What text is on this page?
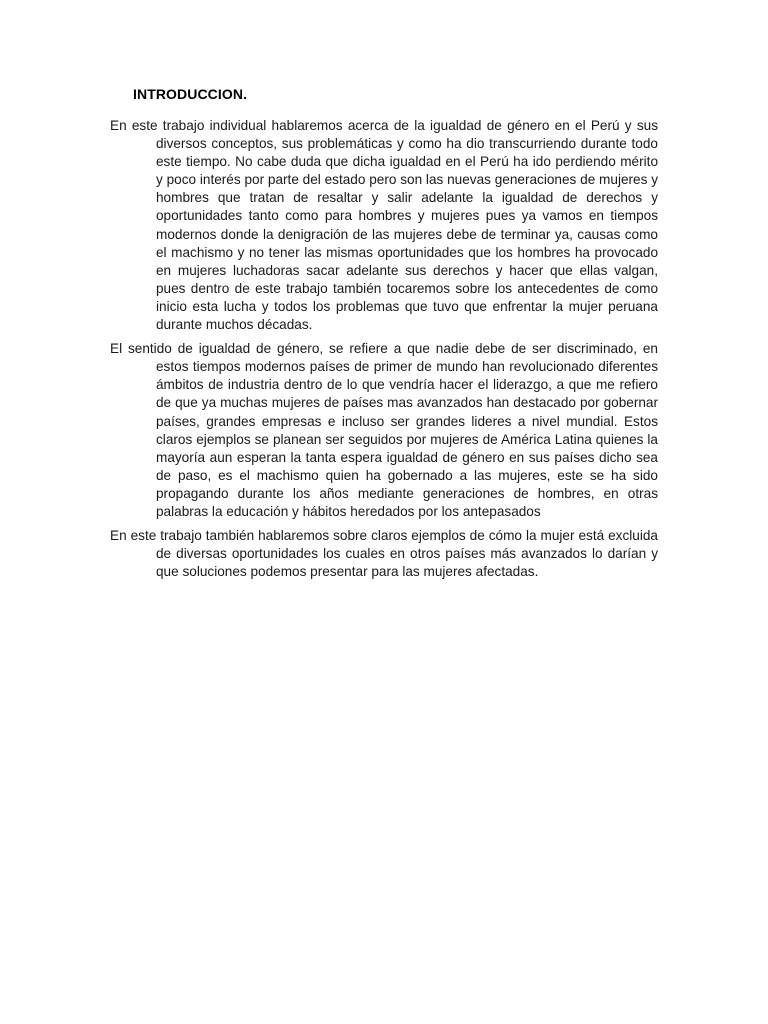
INTRODUCCION.

En este trabajo individual hablaremos acerca de la igualdad de género en el Perú y sus diversos conceptos, sus problemáticas y como ha dio transcurriendo durante todo este tiempo. No cabe duda que dicha igualdad en el Perú ha ido perdiendo mérito y poco interés por parte del estado pero son las nuevas generaciones de mujeres y hombres que tratan de resaltar y salir adelante la igualdad de derechos y oportunidades tanto como para hombres y mujeres pues ya vamos en tiempos modernos donde la denigración de las mujeres debe de terminar ya, causas como el machismo y no tener las mismas oportunidades que los hombres ha provocado en mujeres luchadoras sacar adelante sus derechos y hacer que ellas valgan, pues dentro de este trabajo también tocaremos sobre los antecedentes de como inicio esta lucha y todos los problemas que tuvo que enfrentar la mujer peruana durante muchos décadas.

El sentido de igualdad de género, se refiere a que nadie debe de ser discriminado, en estos tiempos modernos países de primer de mundo han revolucionado diferentes ámbitos de industria dentro de lo que vendría hacer el liderazgo, a que me refiero de que ya muchas mujeres de países mas avanzados han destacado por gobernar países, grandes empresas e incluso ser grandes lideres a nivel mundial. Estos claros ejemplos se planean ser seguidos por mujeres de América Latina quienes la mayoría aun esperan la tanta espera igualdad de género en sus países dicho sea de paso, es el machismo quien ha gobernado a las mujeres, este se ha sido propagando durante los años mediante generaciones de hombres, en otras palabras la educación y hábitos heredados por los antepasados

En este trabajo también hablaremos sobre claros ejemplos de cómo la mujer está excluida de diversas oportunidades los cuales en otros países más avanzados lo darían y que soluciones podemos presentar para las mujeres afectadas.
